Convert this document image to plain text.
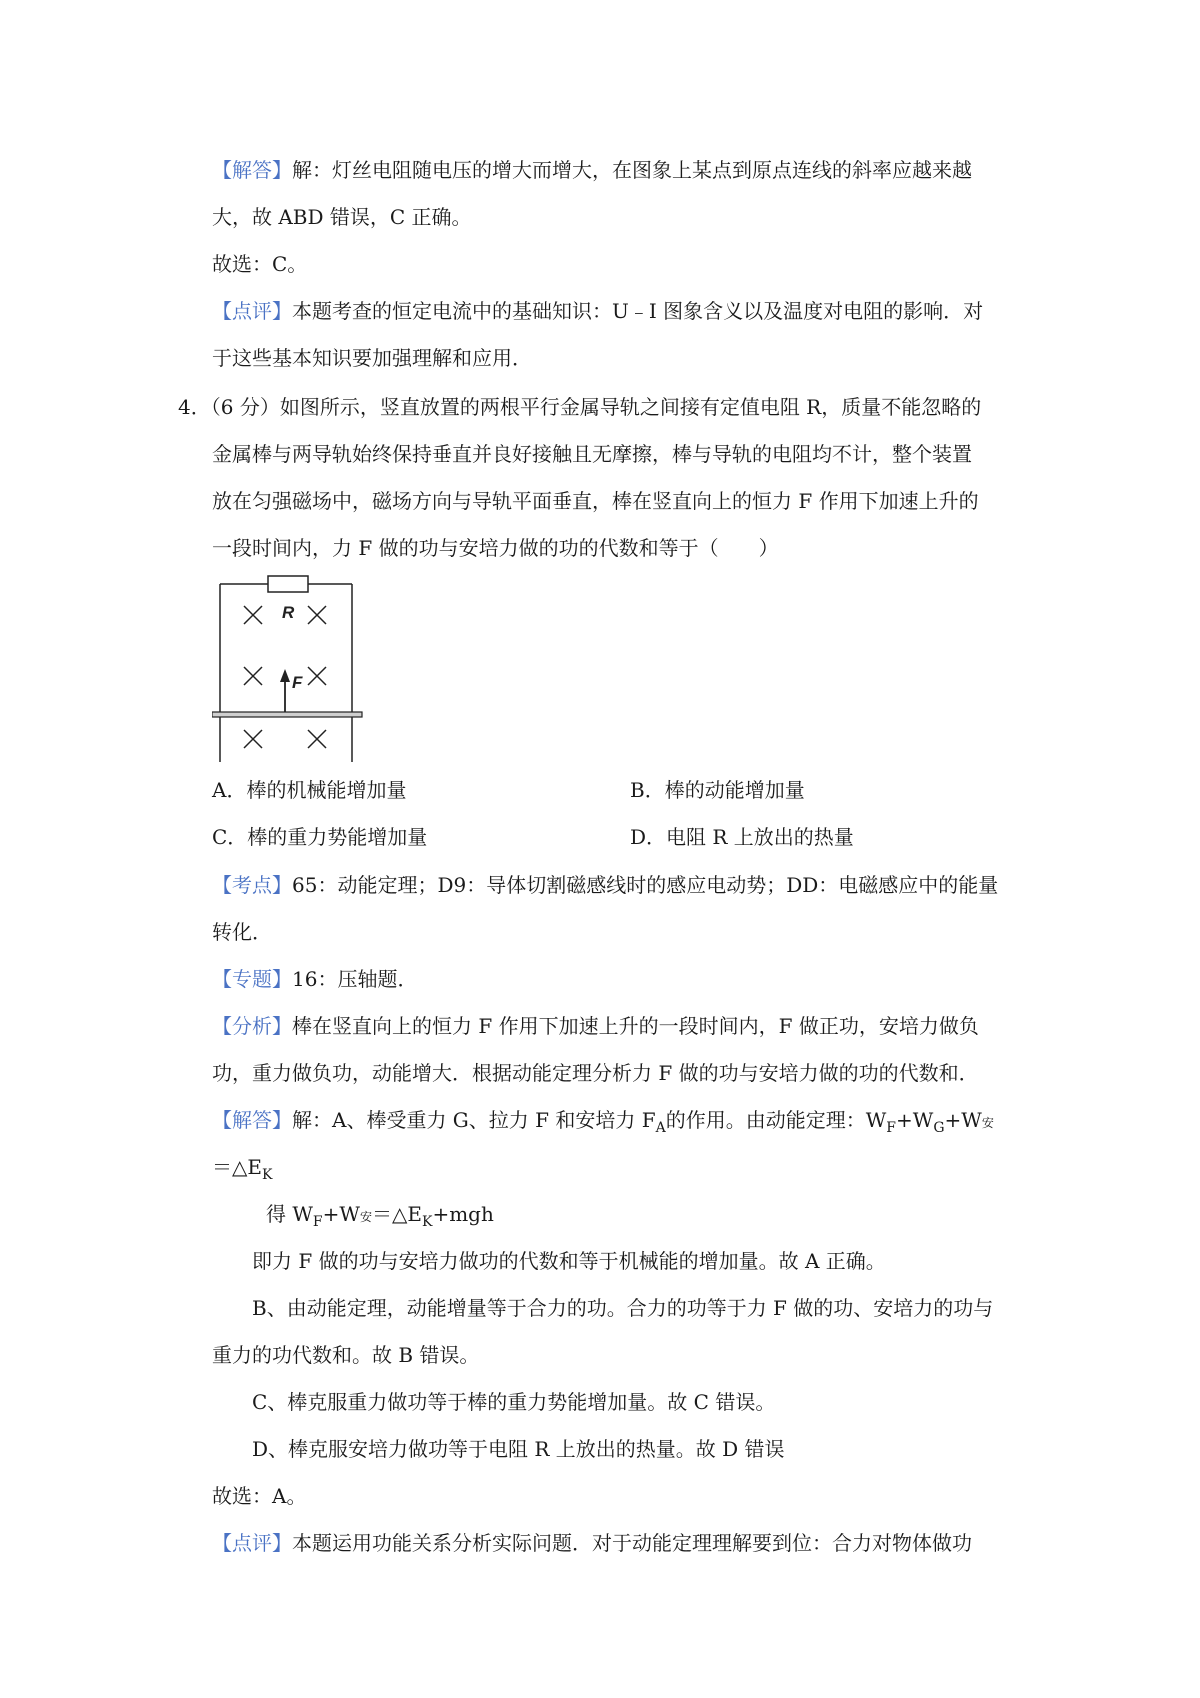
【解答】解：灯丝电阻随电压的增大而增大，在图象上某点到原点连线的斜率应越来越
大，故 ABD 错误，C 正确。
故选：C。
【点评】本题考查的恒定电流中的基础知识：U﹣I 图象含义以及温度对电阻的影响．对
于这些基本知识要加强理解和应用．
4．（6 分）如图所示，竖直放置的两根平行金属导轨之间接有定值电阻 R，质量不能忽略的
金属棒与两导轨始终保持垂直并良好接触且无摩擦，棒与导轨的电阻均不计，整个装置
放在匀强磁场中，磁场方向与导轨平面垂直，棒在竖直向上的恒力 F 作用下加速上升的
一段时间内，力 F 做的功与安培力做的功的代数和等于（　　）
R
F
A．棒的机械能增加量	B．棒的动能增加量
C．棒的重力势能增加量	D．电阻 R 上放出的热量
【考点】65：动能定理；D9：导体切割磁感线时的感应电动势；DD：电磁感应中的能量
转化．
【专题】16：压轴题．
【分析】棒在竖直向上的恒力 F 作用下加速上升的一段时间内，F 做正功，安培力做负
功，重力做负功，动能增大．根据动能定理分析力 F 做的功与安培力做的功的代数和．
【解答】解：A、棒受重力 G、拉力 F 和安培力 $F_A$的作用。由动能定理：$W_F+W_G+W$安
$=\triangle E_K$
得 $W_F+W$安$=\triangle E_K+mgh$
即力 F 做的功与安培力做功的代数和等于机械能的增加量。故 A 正确。
B、由动能定理，动能增量等于合力的功。合力的功等于力 F 做的功、安培力的功与
重力的功代数和。故 B 错误。
C、棒克服重力做功等于棒的重力势能增加量。故 C 错误。
D、棒克服安培力做功等于电阻 R 上放出的热量。故 D 错误
故选：A。
【点评】本题运用功能关系分析实际问题．对于动能定理理解要到位：合力对物体做功
